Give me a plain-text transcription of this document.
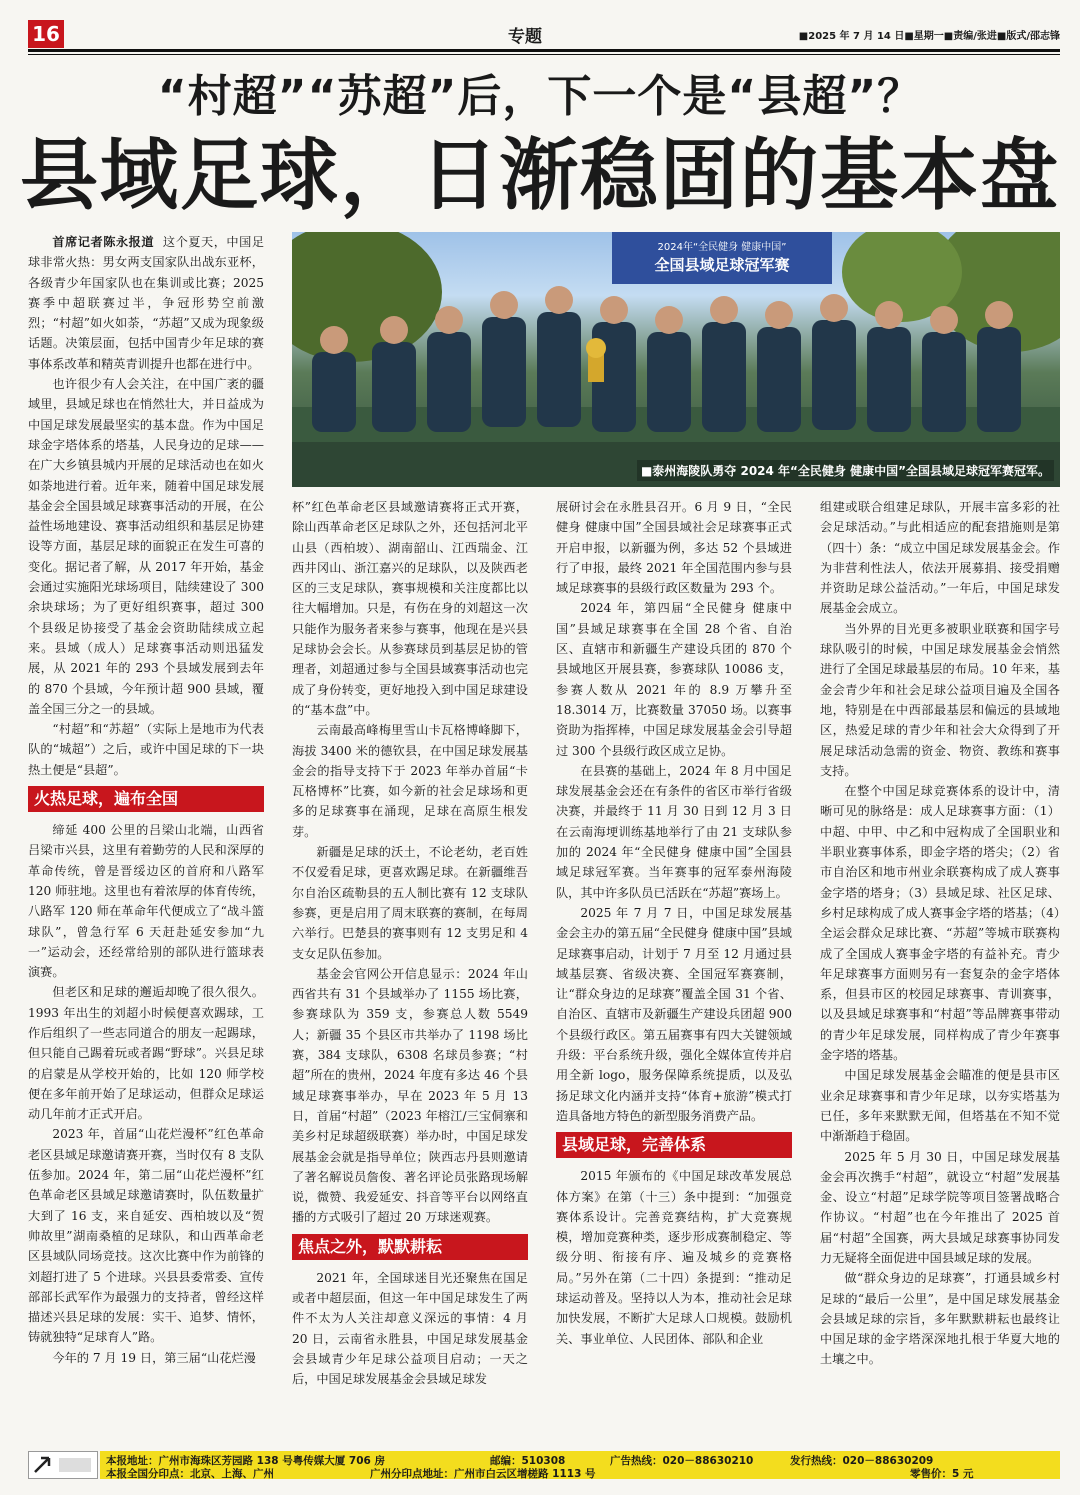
16	专题	■2025 年 7 月 14 日■星期一■责编/张进■版式/邵志锋
“村超”“苏超”后，下一个是“县超”？
县域足球，日渐稳固的基本盘
2024年“全民健身 健康中国”
全国县域足球冠军赛
■泰州海陵队勇夺 2024 年“全民健身 健康中国”全国县域足球冠军赛冠军。

首席记者陈永报道 这个夏天，中国足球非常火热：男女两支国家队出战东亚杯，各级青少年国家队也在集训或比赛；2025 赛季中超联赛过半，争冠形势空前激烈；“村超”如火如荼，“苏超”又成为现象级话题。决策层面，包括中国青少年足球的赛事体系改革和精英青训提升也都在进行中。

也许很少有人会关注，在中国广袤的疆域里，县域足球也在悄然壮大，并日益成为中国足球发展最坚实的基本盘。作为中国足球金字塔体系的塔基，人民身边的足球——在广大乡镇县城内开展的足球活动也在如火如荼地进行着。近年来，随着中国足球发展基金会全国县域足球赛事活动的开展，在公益性场地建设、赛事活动组织和基层足协建设等方面，基层足球的面貌正在发生可喜的变化。据记者了解，从 2017 年开始，基金会通过实施阳光球场项目，陆续建设了 300 余块球场；为了更好组织赛事，超过 300 个县级足协接受了基金会资助陆续成立起来。县域（成人）足球赛事活动则迅猛发展，从 2021 年的 293 个县域发展到去年的 870 个县域，今年预计超 900 县域，覆盖全国三分之一的县域。

“村超”和“苏超”（实际上是地市为代表队的“城超”）之后，或许中国足球的下一块热土便是“县超”。

火热足球，遍布全国

缔延 400 公里的吕梁山北端，山西省吕梁市兴县，这里有着勤劳的人民和深厚的革命传统，曾是晋绥边区的首府和八路军 120 师驻地。这里也有着浓厚的体育传统，八路军 120 师在革命年代便成立了“战斗篮球队”，曾急行军 6 天赶赴延安参加“九一”运动会，还经常给别的部队进行篮球表演赛。

但老区和足球的邂逅却晚了很久很久。1993 年出生的刘超小时候便喜欢踢球，工作后组织了一些志同道合的朋友一起踢球，但只能自己踢着玩或者踢“野球”。兴县足球的启蒙是从学校开始的，比如 120 师学校便在多年前开始了足球运动，但群众足球运动几年前才正式开启。

2023 年，首届“山花烂漫杯”红色革命老区县域足球邀请赛开赛，当时仅有 8 支队伍参加。2024 年，第二届“山花烂漫杯”红色革命老区县域足球邀请赛时，队伍数量扩大到了 16 支，来自延安、西柏坡以及“贺帅故里”湖南桑植的足球队，和山西革命老区县域队同场竞技。这次比赛中作为前锋的刘超打进了 5 个进球。兴县县委常委、宣传部部长武军作为最强力的支持者，曾经这样描述兴县足球的发展：实干、追梦、情怀，铸就独特“足球育人”路。

今年的 7 月 19 日，第三届“山花烂漫

杯”红色革命老区县域邀请赛将正式开赛，除山西革命老区足球队之外，还包括河北平山县（西柏坡）、湖南韶山、江西瑞金、江西井冈山、浙江嘉兴的足球队，以及陕西老区的三支足球队，赛事规模和关注度都比以往大幅增加。只是，有伤在身的刘超这一次只能作为服务者来参与赛事，他现在是兴县足球协会会长。从参赛球员到基层足协的管理者，刘超通过参与全国县域赛事活动也完成了身份转变，更好地投入到中国足球建设的“基本盘”中。

云南最高峰梅里雪山卡瓦格博峰脚下，海拔 3400 米的德钦县，在中国足球发展基金会的指导支持下于 2023 年举办首届“卡瓦格博杯”比赛，如今新的社会足球场和更多的足球赛事在涌现，足球在高原生根发芽。

新疆是足球的沃土，不论老幼，老百姓不仅爱看足球，更喜欢踢足球。在新疆维吾尔自治区疏勒县的五人制比赛有 12 支球队参赛，更是启用了周末联赛的赛制，在每周六举行。巴楚县的赛事则有 12 支男足和 4 支女足队伍参加。

基金会官网公开信息显示：2024 年山西省共有 31 个县域举办了 1155 场比赛，参赛球队为 359 支，参赛总人数 5549 人；新疆 35 个县区市共举办了 1198 场比赛，384 支球队，6308 名球员参赛；“村超”所在的贵州，2024 年度有多达 46 个县域足球赛事举办，早在 2023 年 5 月 13 日，首届“村超”（2023 年榕江/三宝侗寨和美乡村足球超级联赛）举办时，中国足球发展基金会就是指导单位；陕西志丹县则邀请了著名解说员詹俊、著名评论员张路现场解说，微赞、我爱延安、抖音等平台以网络直播的方式吸引了超过 20 万球迷观赛。

焦点之外，默默耕耘

2021 年，全国球迷目光还聚焦在国足或者中超层面，但这一年中国足球发生了两件不太为人关注却意义深远的事情：4 月 20 日，云南省永胜县，中国足球发展基金会县域青少年足球公益项目启动；一天之后，中国足球发展基金会县域足球发

展研讨会在永胜县召开。6 月 9 日，“全民健身 健康中国”全国县域社会足球赛事正式开启申报，以新疆为例，多达 52 个县域进行了申报，最终 2021 年全国范围内参与县域足球赛事的县级行政区数量为 293 个。

2024 年，第四届“全民健身 健康中国”县域足球赛事在全国 28 个省、自治区、直辖市和新疆生产建设兵团的 870 个县域地区开展县赛，参赛球队 10086 支，参赛人数从 2021 年的 8.9 万攀升至 18.3014 万，比赛数量 37050 场。以赛事资助为指挥棒，中国足球发展基金会引导超过 300 个县级行政区成立足协。

在县赛的基础上，2024 年 8 月中国足球发展基金会还在有条件的省区市举行省级决赛，并最终于 11 月 30 日到 12 月 3 日在云南海埂训练基地举行了由 21 支球队参加的 2024 年“全民健身 健康中国”全国县域足球冠军赛。当年赛事的冠军泰州海陵队，其中许多队员已活跃在“苏超”赛场上。

2025 年 7 月 7 日，中国足球发展基金会主办的第五届“全民健身 健康中国”县域足球赛事启动，计划于 7 月至 12 月通过县域基层赛、省级决赛、全国冠军赛赛制，让“群众身边的足球赛”覆盖全国 31 个省、自治区、直辖市及新疆生产建设兵团超 900 个县级行政区。第五届赛事有四大关键领域升级：平台系统升级，强化全媒体宣传并启用全新 logo，服务保障系统提质，以及弘扬足球文化内涵并支持“体育+旅游”模式打造具备地方特色的新型服务消费产品。

县域足球，完善体系

2015 年颁布的《中国足球改革发展总体方案》在第（十三）条中提到：“加强竞赛体系设计。完善竞赛结构，扩大竞赛规模，增加竞赛种类，逐步形成赛制稳定、等级分明、衔接有序、遍及城乡的竞赛格局。”另外在第（二十四）条提到：“推动足球运动普及。坚持以人为本，推动社会足球加快发展，不断扩大足球人口规模。鼓励机关、事业单位、人民团体、部队和企业

组建或联合组建足球队，开展丰富多彩的社会足球活动。”与此相适应的配套措施则是第（四十）条：“成立中国足球发展基金会。作为非营利性法人，依法开展募捐、接受捐赠并资助足球公益活动。”一年后，中国足球发展基金会成立。

当外界的目光更多被职业联赛和国字号球队吸引的时候，中国足球发展基金会悄然进行了全国足球最基层的布局。10 年来，基金会青少年和社会足球公益项目遍及全国各地，特别是在中西部最基层和偏远的县域地区，热爱足球的青少年和社会大众得到了开展足球活动急需的资金、物资、教练和赛事支持。

在整个中国足球竞赛体系的设计中，清晰可见的脉络是：成人足球赛事方面：（1）中超、中甲、中乙和中冠构成了全国职业和半职业赛事体系，即金字塔的塔尖；（2）省市自治区和地市州业余联赛构成了成人赛事金字塔的塔身；（3）县域足球、社区足球、乡村足球构成了成人赛事金字塔的塔基；（4）全运会群众足球比赛、“苏超”等城市联赛构成了全国成人赛事金字塔的有益补充。青少年足球赛事方面则另有一套复杂的金字塔体系，但县市区的校园足球赛事、青训赛事，以及县域足球赛事和“村超”等品牌赛事带动的青少年足球发展，同样构成了青少年赛事金字塔的塔基。

中国足球发展基金会瞄准的便是县市区业余足球赛事和青少年足球，以夯实塔基为已任，多年来默默无闻，但塔基在不知不觉中渐渐趋于稳固。

2025 年 5 月 30 日，中国足球发展基金会再次携手“村超”，就设立“村超”发展基金、设立“村超”足球学院等项目签署战略合作协议。“村超”也在今年推出了 2025 首届“村超”全国赛，两大县域足球赛事协同发力无疑将全面促进中国县域足球的发展。

做“群众身边的足球赛”，打通县域乡村足球的“最后一公里”，是中国足球发展基金会县域足球的宗旨，多年默默耕耘也最终让中国足球的金字塔深深地扎根于华夏大地的土壤之中。

本报地址：广州市海珠区芳园路 138 号粤传媒大厦 706 房	邮编：510308	广告热线：020－88630210	发行热线：020－88630209
本报全国分印点：北京、上海、广州	广州分印点地址：广州市白云区增槎路 1113 号	零售价：5 元
